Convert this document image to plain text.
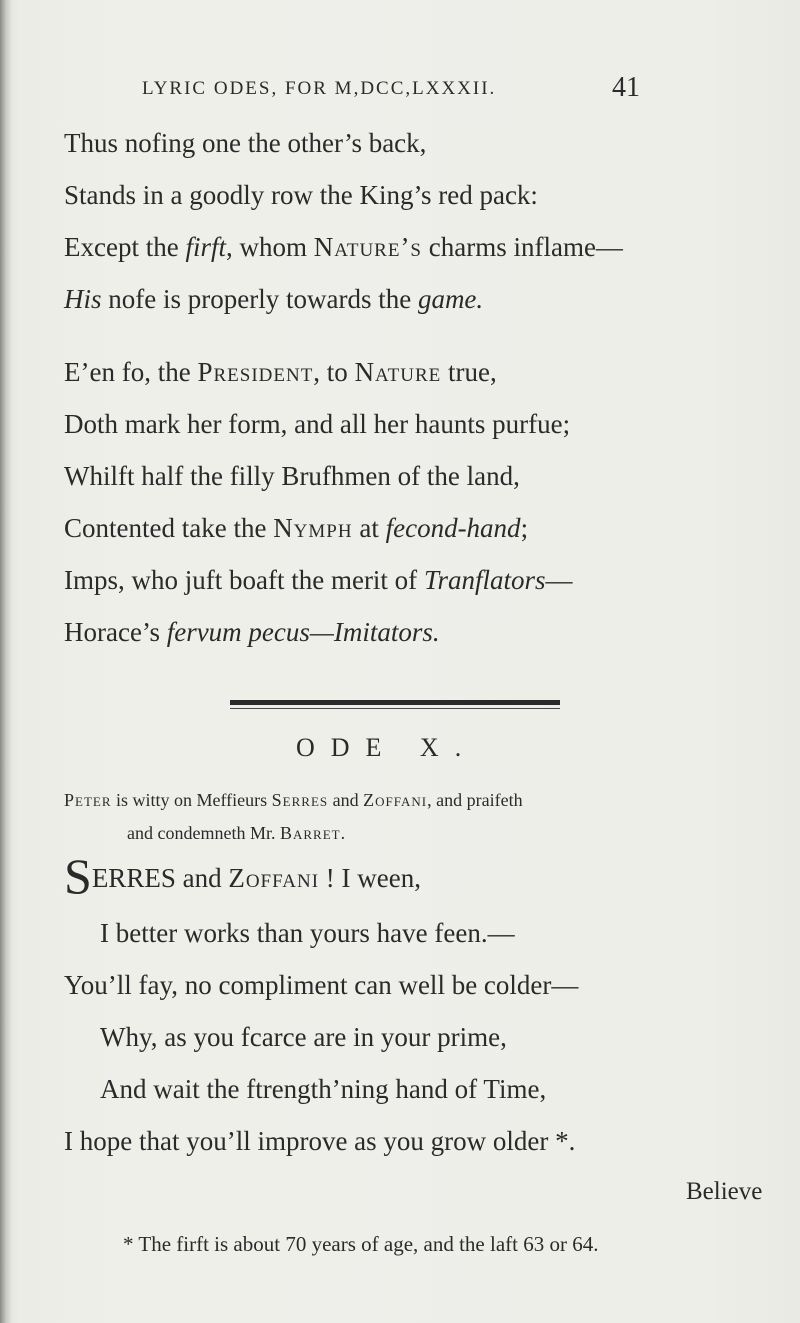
LYRIC ODES, FOR M,DCC,LXXXII.	41
Thus nofing one the other’s back,
Stands in a goodly row the King’s red pack:
Except the firft, whom Nature’s charms inflame—
His nofe is properly towards the game.
E’en fo, the President, to Nature true,
Doth mark her form, and all her haunts purfue;
Whilft half the filly Brufhmen of the land,
Contented take the Nymph at fecond-hand;
Imps, who juft boaft the merit of Tranflators—
Horace’s fervum pecus—Imitators.
ODE X.
Peter is witty on Meffieurs Serres and Zoffani, and praifeth
and condemneth Mr. Barret.
SERRES and Zoffani ! I ween,
I better works than yours have feen.—
You’ll fay, no compliment can well be colder—
Why, as you fcarce are in your prime,
And wait the ftrength’ning hand of Time,
I hope that you’ll improve as you grow older *.
Believe
* The firft is about 70 years of age, and the laft 63 or 64.
